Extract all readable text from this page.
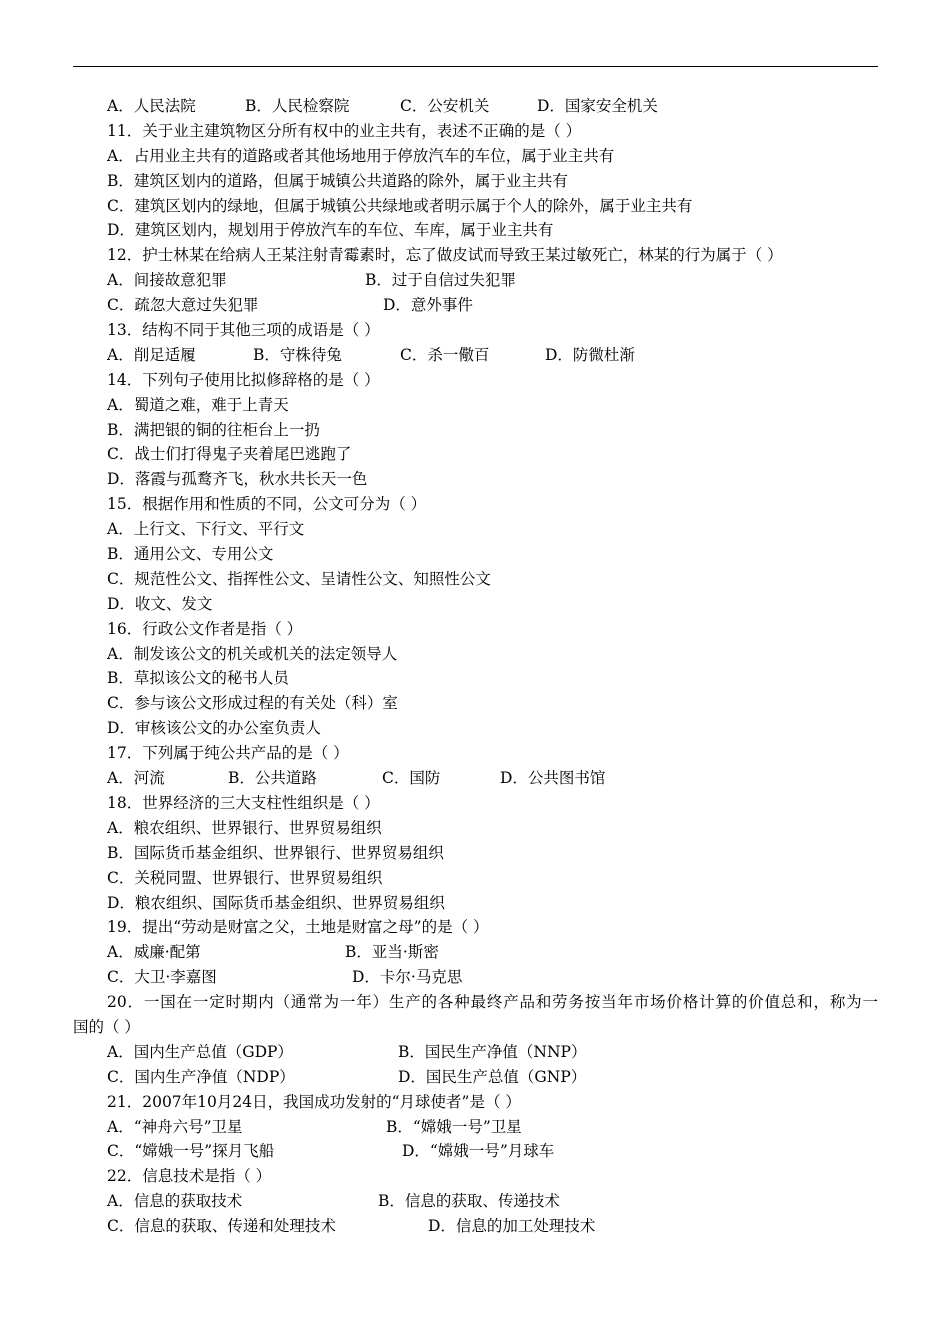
A．人民法院	B．人民检察院	C．公安机关	D．国家安全机关
11．关于业主建筑物区分所有权中的业主共有，表述不正确的是（ ）
A．占用业主共有的道路或者其他场地用于停放汽车的车位，属于业主共有
B．建筑区划内的道路，但属于城镇公共道路的除外，属于业主共有
C．建筑区划内的绿地，但属于城镇公共绿地或者明示属于个人的除外，属于业主共有
D．建筑区划内，规划用于停放汽车的车位、车库，属于业主共有
12．护士林某在给病人王某注射青霉素时，忘了做皮试而导致王某过敏死亡，林某的行为属于（ ）
A．间接故意犯罪	B．过于自信过失犯罪
C．疏忽大意过失犯罪	D．意外事件
13．结构不同于其他三项的成语是（ ）
A．削足适履	B．守株待兔	C．杀一儆百	D．防微杜渐
14．下列句子使用比拟修辞格的是（ ）
A．蜀道之难，难于上青天
B．满把银的铜的往柜台上一扔
C．战士们打得鬼子夹着尾巴逃跑了
D．落霞与孤鹜齐飞，秋水共长天一色
15．根据作用和性质的不同，公文可分为（ ）
A．上行文、下行文、平行文
B．通用公文、专用公文
C．规范性公文、指挥性公文、呈请性公文、知照性公文
D．收文、发文
16．行政公文作者是指（ ）
A．制发该公文的机关或机关的法定领导人
B．草拟该公文的秘书人员
C．参与该公文形成过程的有关处（科）室
D．审核该公文的办公室负责人
17．下列属于纯公共产品的是（ ）
A．河流	B．公共道路	C．国防	D．公共图书馆
18．世界经济的三大支柱性组织是（ ）
A．粮农组织、世界银行、世界贸易组织
B．国际货币基金组织、世界银行、世界贸易组织
C．关税同盟、世界银行、世界贸易组织
D．粮农组织、国际货币基金组织、世界贸易组织
19．提出“劳动是财富之父，土地是财富之母”的是（ ）
A．威廉·配第	B．亚当·斯密
C．大卫·李嘉图	D．卡尔·马克思
20．一国在一定时期内（通常为一年）生产的各种最终产品和劳务按当年市场价格计算的价值总和，称为一
国的（ ）
A．国内生产总值（GDP）	B．国民生产净值（NNP）
C．国内生产净值（NDP）	D．国民生产总值（GNP）
21．2007年10月24日，我国成功发射的“月球使者”是（ ）
A．“神舟六号”卫星	B．“嫦娥一号”卫星
C．“嫦娥一号”探月飞船	D．“嫦娥一号”月球车
22．信息技术是指（ ）
A．信息的获取技术	B．信息的获取、传递技术
C．信息的获取、传递和处理技术	D．信息的加工处理技术
